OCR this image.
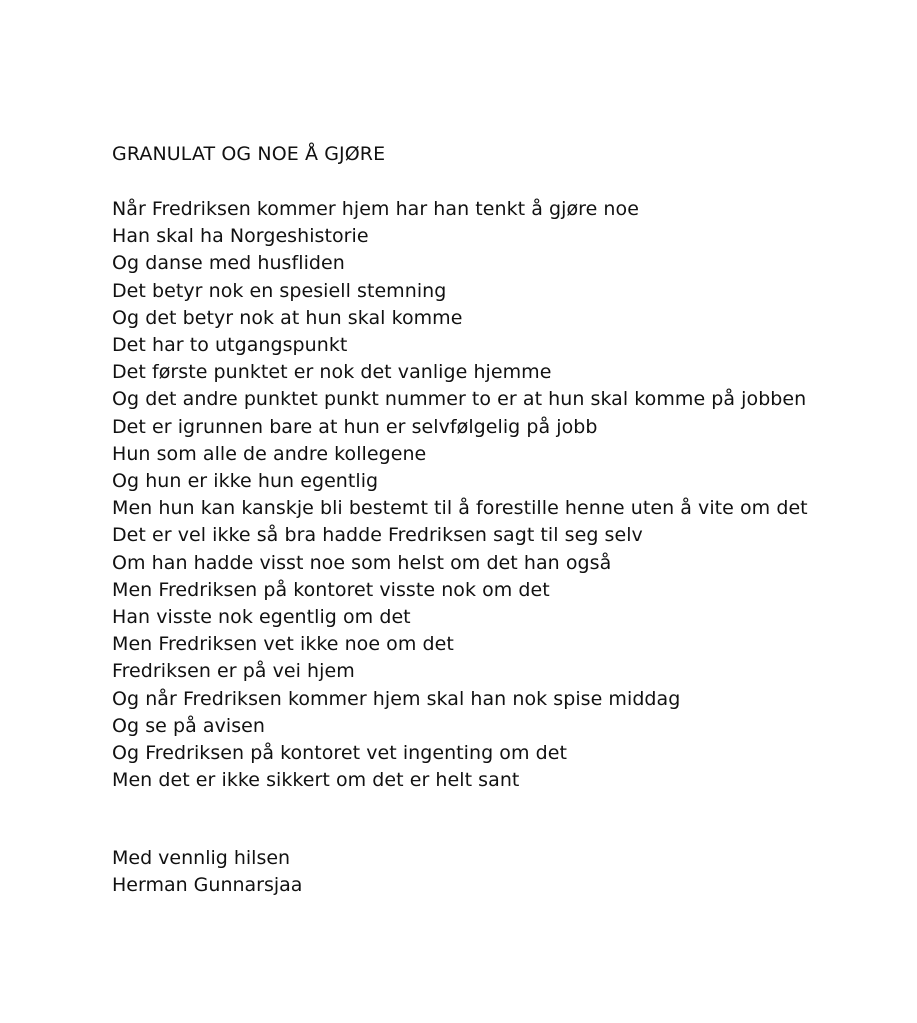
GRANULAT OG NOE Å GJØRE

Når Fredriksen kommer hjem har han tenkt å gjøre noe

Han skal ha Norgeshistorie

Og danse med husfliden

Det betyr nok en spesiell stemning

Og det betyr nok at hun skal komme

Det har to utgangspunkt

Det første punktet er nok det vanlige hjemme

Og det andre punktet punkt nummer to er at hun skal komme på jobben

Det er igrunnen bare at hun er selvfølgelig på jobb

Hun som alle de andre kollegene

Og hun er ikke hun egentlig

Men hun kan kanskje bli bestemt til å forestille henne uten å vite om det

Det er vel ikke så bra hadde Fredriksen sagt til seg selv

Om han hadde visst noe som helst om det han også

Men Fredriksen på kontoret visste nok om det

Han visste nok egentlig om det

Men Fredriksen vet ikke noe om det

Fredriksen er på vei hjem

Og når Fredriksen kommer hjem skal han nok spise middag

Og se på avisen

Og Fredriksen på kontoret vet ingenting om det

Men det er ikke sikkert om det er helt sant

Med vennlig hilsen

Herman Gunnarsjaa
